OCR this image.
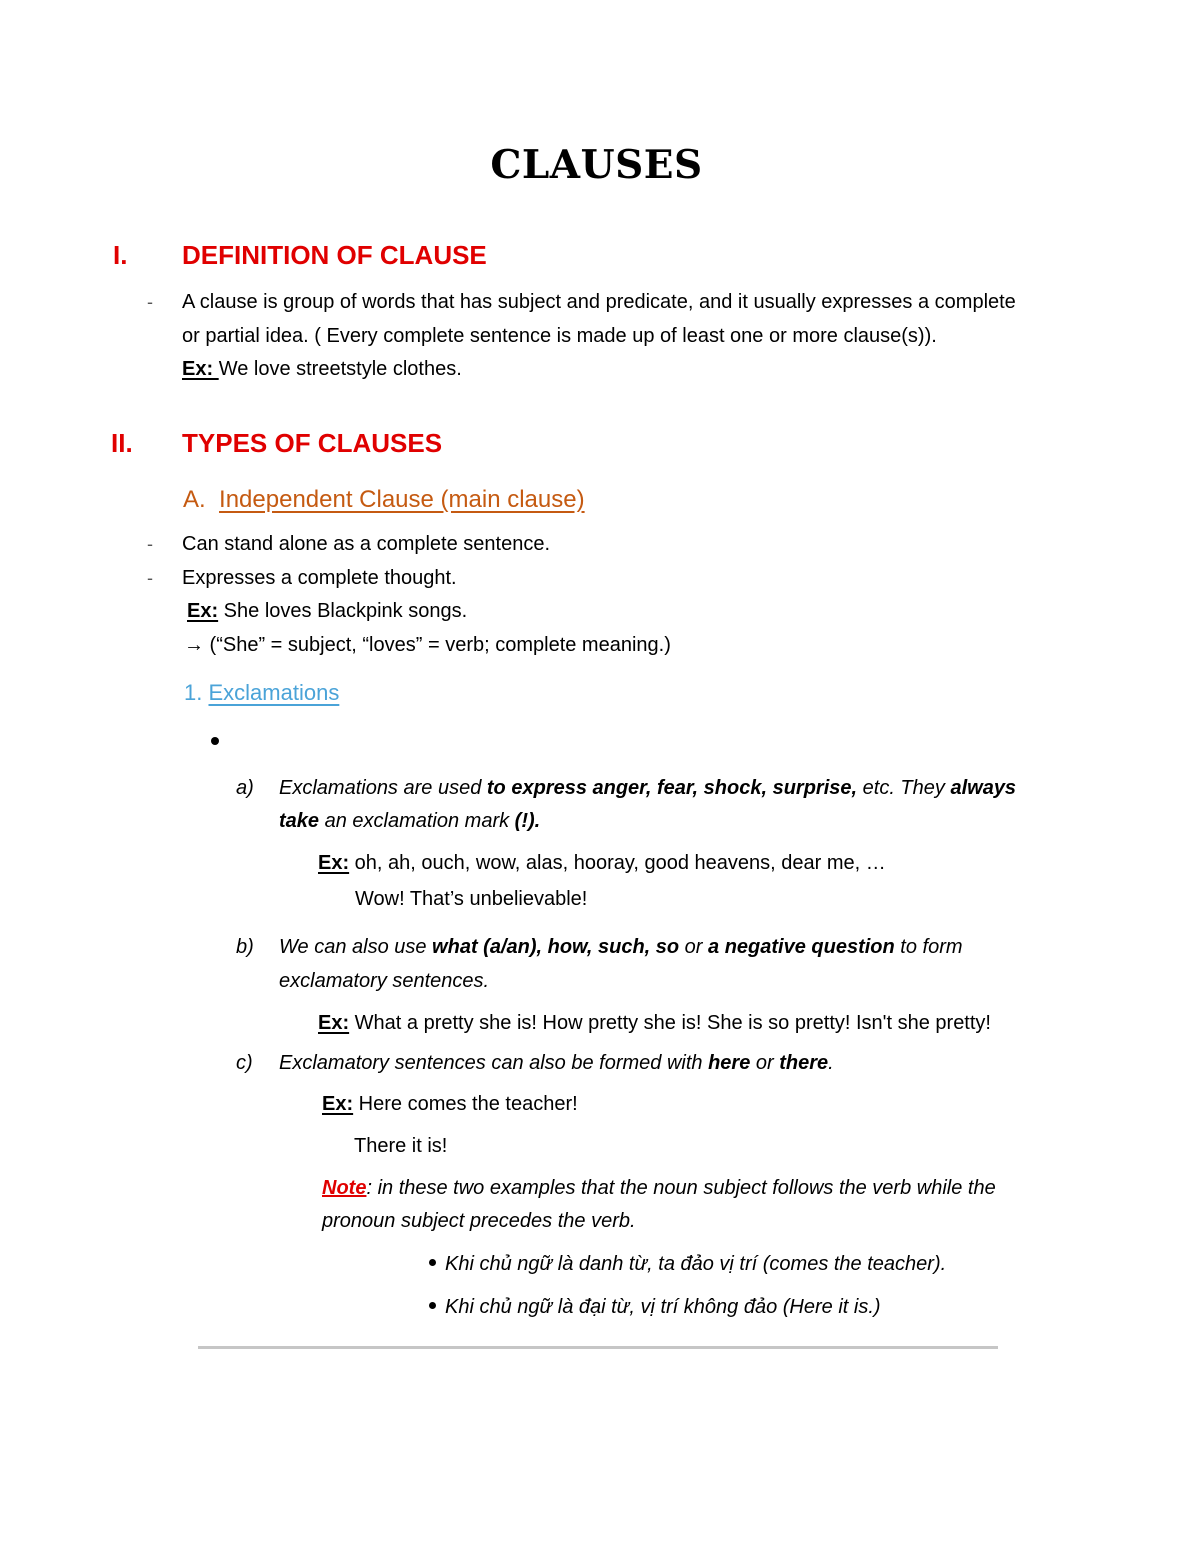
CLAUSES
I. DEFINITION OF CLAUSE
- A clause is group of words that has subject and predicate, and it usually expresses a complete
or partial idea. ( Every complete sentence is made up of least one or more clause(s)).
Ex: We love streetstyle clothes.
II. TYPES OF CLAUSES
A. Independent Clause (main clause)
- Can stand alone as a complete sentence.
- Expresses a complete thought.
Ex: She loves Blackpink songs.
→ (“She” = subject, “loves” = verb; complete meaning.)
1. Exclamations
a) Exclamations are used to express anger, fear, shock, surprise, etc. They always
take an exclamation mark (!).
Ex: oh, ah, ouch, wow, alas, hooray, good heavens, dear me, …
Wow! That’s unbelievable!
b) We can also use what (a/an), how, such, so or a negative question to form
exclamatory sentences.
Ex: What a pretty she is! How pretty she is! She is so pretty! Isn't she pretty!
c) Exclamatory sentences can also be formed with here or there.
Ex: Here comes the teacher!
There it is!
Note: in these two examples that the noun subject follows the verb while the
pronoun subject precedes the verb.
Khi chủ ngữ là danh từ, ta đảo vị trí (comes the teacher).
Khi chủ ngữ là đại từ, vị trí không đảo (Here it is.)
